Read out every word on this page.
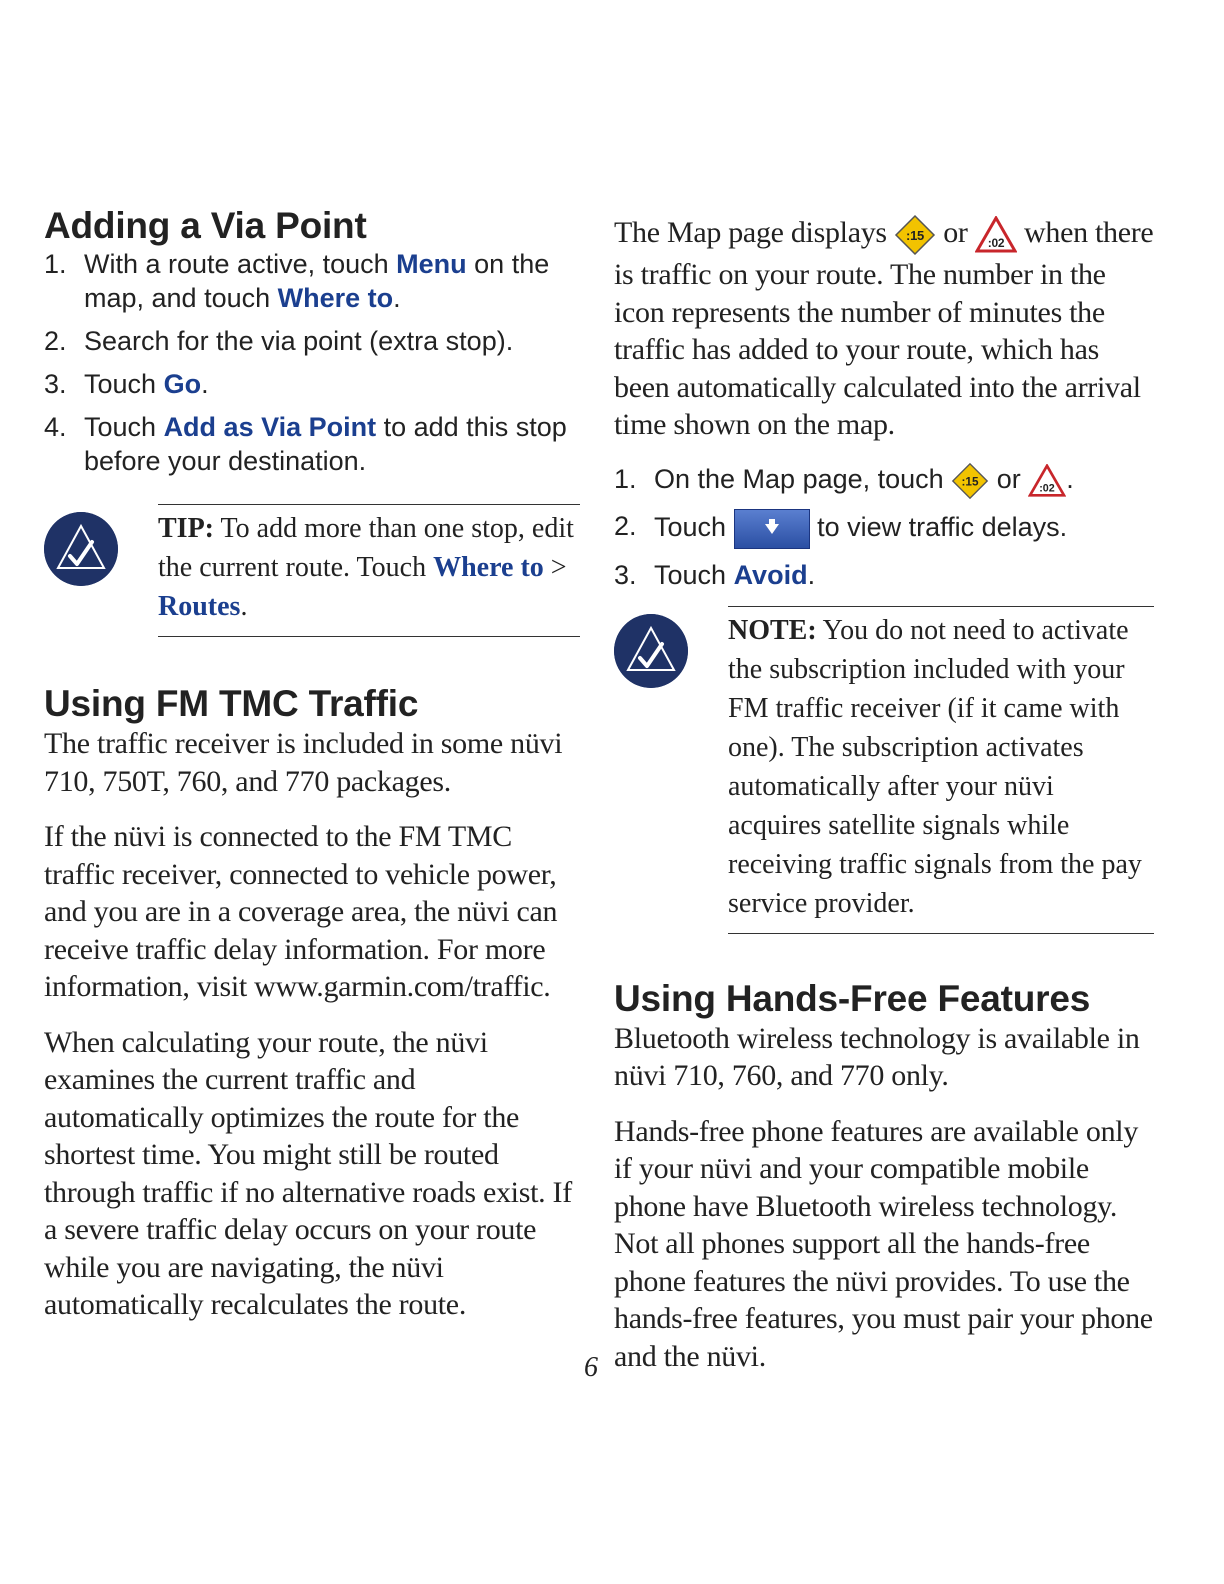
Adding a Via Point
1. With a route active, touch Menu on the map, and touch Where to.
2. Search for the via point (extra stop).
3. Touch Go.
4. Touch Add as Via Point to add this stop before your destination.

TIP: To add more than one stop, edit the current route. Touch Where to > Routes.

Using FM TMC Traffic

The traffic receiver is included in some nüvi 710, 750T, 760, and 770 packages.

If the nüvi is connected to the FM TMC traffic receiver, connected to vehicle power, and you are in a coverage area, the nüvi can receive traffic delay information. For more information, visit www.garmin.com/traffic.

When calculating your route, the nüvi examines the current traffic and automatically optimizes the route for the shortest time. You might still be routed through traffic if no alternative roads exist. If a severe traffic delay occurs on your route while you are navigating, the nüvi automatically recalculates the route.

The Map page displays :15 or :02 when there is traffic on your route. The number in the icon represents the number of minutes the traffic has added to your route, which has been automatically calculated into the arrival time shown on the map.

1. On the Map page, touch :15 or :02 .
2. Touch	to view traffic delays.
3. Touch Avoid.

NOTE: You do not need to activate the subscription included with your FM traffic receiver (if it came with one). The subscription activates automatically after your nüvi acquires satellite signals while receiving traffic signals from the pay service provider.

Using Hands-Free Features

Bluetooth wireless technology is available in nüvi 710, 760, and 770 only.

Hands-free phone features are available only if your nüvi and your compatible mobile phone have Bluetooth wireless technology. Not all phones support all the hands-free phone features the nüvi provides. To use the hands-free features, you must pair your phone and the nüvi.

6
